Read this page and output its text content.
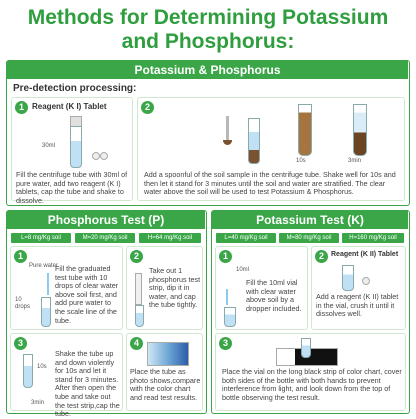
Methods for Determining Potassium
and Phosphorus:
Potassium & Phosphorus
Pre-detection processing:
1	Reagent (K I) Tablet
30ml
Fill the centrifuge tube with 30ml of pure water, add two reagent (K I) tablets, cap the tube and shake to dissolve.
2
10s	3min
Add a spoonful of the soil sample in the centrifuge tube. Shake well for 10s and then let it stand for 3 minutes until the soil and water are stratified. The clear water above the soil will be used to test Potassium & Phosphorus.
Phosphorus Test (P)
L=8 mg/Kg soil	M=20 mg/Kg soil	H=64 mg/Kg soil
1
Pure water
10
drops
Fill the graduated test tube with 10 drops of clear water above soil first, and add pure water to the scale line of the tube.
2
Take out 1 phosphorus test strip, dip it in water, and cap the tube tightly.
3
10s
3min
Shake the tube up and down violently for 10s and let it stand for 3 minutes. After then open the tube and take out the test strip,cap the tube.
4
Place the tube as photo shows,compare with the color chart and read test results.
Potassium Test (K)
L=40 mg/Kg soil	M=80 mg/Kg soil	H=160 mg/Kg soil
1
10ml
Fill the 10ml vial with clear water above soil by a dropper included.
2	Reagent (K II) Tablet
Add a reagent (K II) tablet in the vial, crush it until it dissolves well.
3
Place the vial on the long black strip of color chart, cover both sides of the bottle with both hands to prevent interference from light, and look down from the top of bottle observing the test result.
